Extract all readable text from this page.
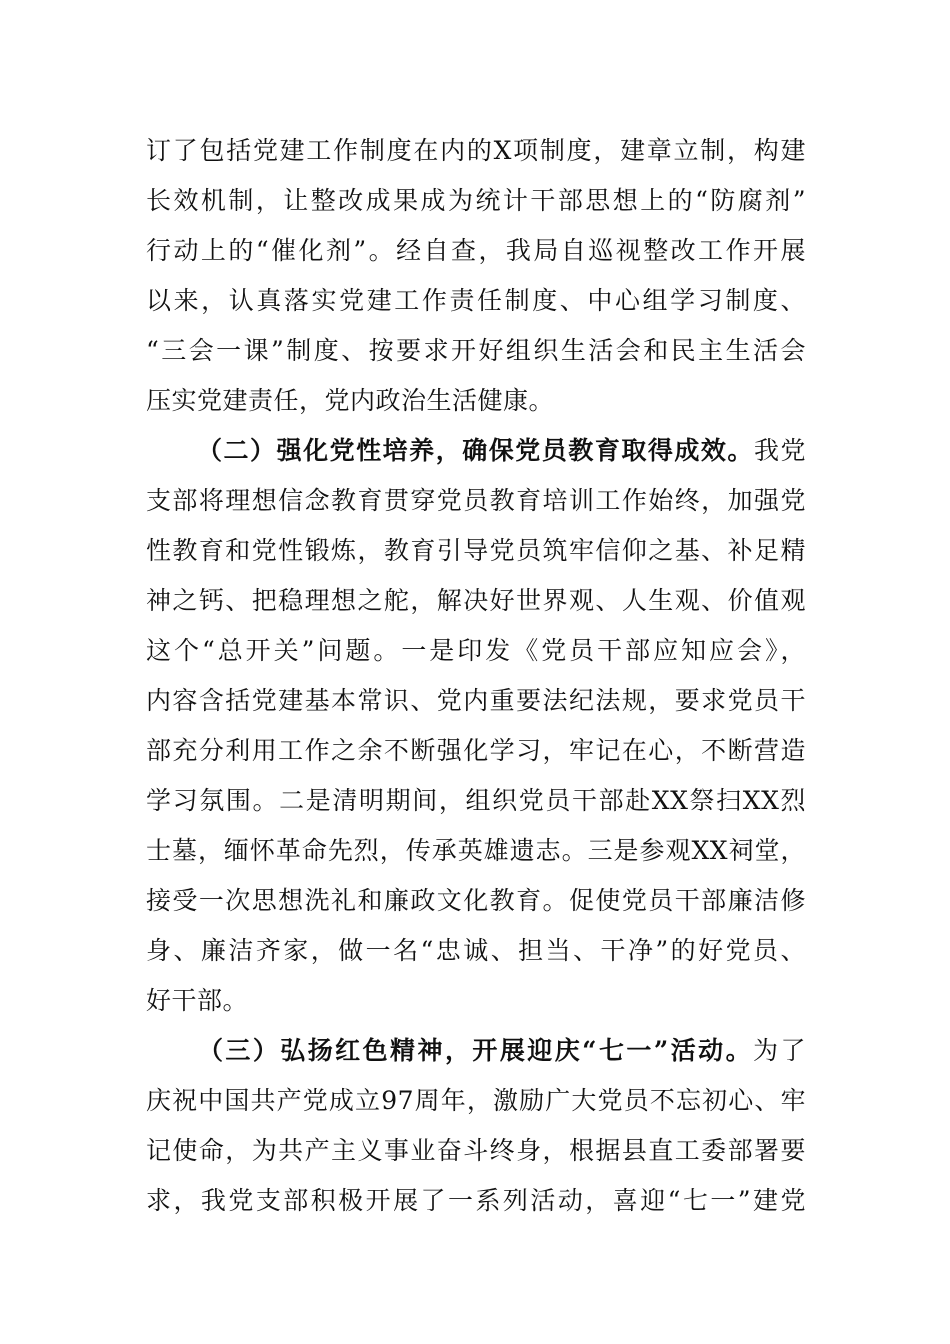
订了包括党建工作制度在内的X项制度，建章立制，构建
长效机制，让整改成果成为统计干部思想上的“防腐剂”
行动上的“催化剂”。经自查，我局自巡视整改工作开展
以来，认真落实党建工作责任制度、中心组学习制度、
“三会一课”制度、按要求开好组织生活会和民主生活会
压实党建责任，党内政治生活健康。
（二）强化党性培养，确保党员教育取得成效。我党
支部将理想信念教育贯穿党员教育培训工作始终，加强党
性教育和党性锻炼，教育引导党员筑牢信仰之基、补足精
神之钙、把稳理想之舵，解决好世界观、人生观、价值观
这个“总开关”问题。一是印发《党员干部应知应会》，
内容含括党建基本常识、党内重要法纪法规，要求党员干
部充分利用工作之余不断强化学习，牢记在心，不断营造
学习氛围。二是清明期间，组织党员干部赴XX祭扫XX烈
士墓，缅怀革命先烈，传承英雄遗志。三是参观XX祠堂，
接受一次思想洗礼和廉政文化教育。促使党员干部廉洁修
身、廉洁齐家，做一名“忠诚、担当、干净”的好党员、
好干部。
（三）弘扬红色精神，开展迎庆“七一”活动。为了
庆祝中国共产党成立97周年，激励广大党员不忘初心、牢
记使命，为共产主义事业奋斗终身，根据县直工委部署要
求，我党支部积极开展了一系列活动，喜迎“七一”建党
